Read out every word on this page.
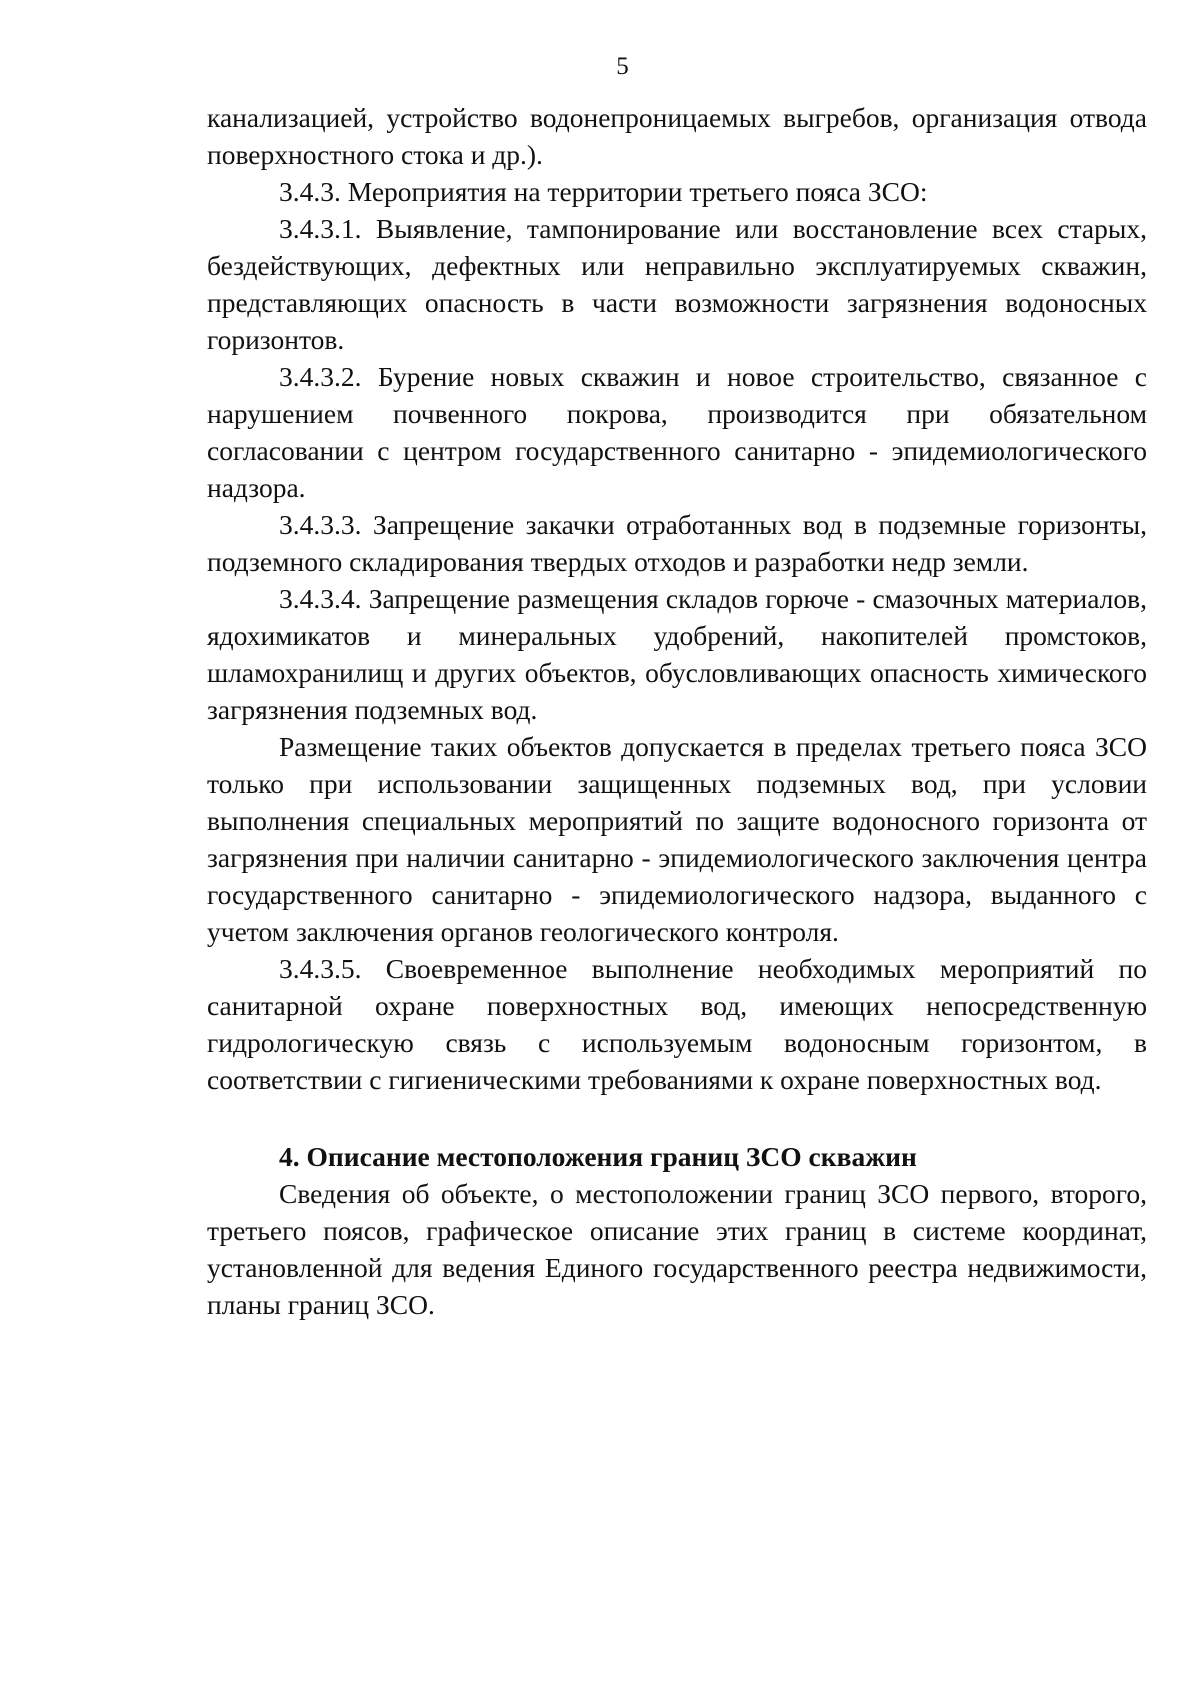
5

канализацией, устройство водонепроницаемых выгребов, организация отвода поверхностного стока и др.).

3.4.3. Мероприятия на территории третьего пояса ЗСО:

3.4.3.1. Выявление, тампонирование или восстановление всех старых, бездействующих, дефектных или неправильно эксплуатируемых скважин, представляющих опасность в части возможности загрязнения водоносных горизонтов.

3.4.3.2. Бурение новых скважин и новое строительство, связанное с нарушением почвенного покрова, производится при обязательном согласовании с центром государственного санитарно - эпидемиологического надзора.

3.4.3.3. Запрещение закачки отработанных вод в подземные горизонты, подземного складирования твердых отходов и разработки недр земли.

3.4.3.4. Запрещение размещения складов горюче - смазочных материалов, ядохимикатов и минеральных удобрений, накопителей промстоков, шламохранилищ и других объектов, обусловливающих опасность химического загрязнения подземных вод.

Размещение таких объектов допускается в пределах третьего пояса ЗСО только при использовании защищенных подземных вод, при условии выполнения специальных мероприятий по защите водоносного горизонта от загрязнения при наличии санитарно - эпидемиологического заключения центра государственного санитарно - эпидемиологического надзора, выданного с учетом заключения органов геологического контроля.

3.4.3.5. Своевременное выполнение необходимых мероприятий по санитарной охране поверхностных вод, имеющих непосредственную гидрологическую связь с используемым водоносным горизонтом, в соответствии с гигиеническими требованиями к охране поверхностных вод.

4. Описание местоположения границ ЗСО скважин

Сведения об объекте, о местоположении границ ЗСО первого, второго, третьего поясов, графическое описание этих границ в системе координат, установленной для ведения Единого государственного реестра недвижимости, планы границ ЗСО.
